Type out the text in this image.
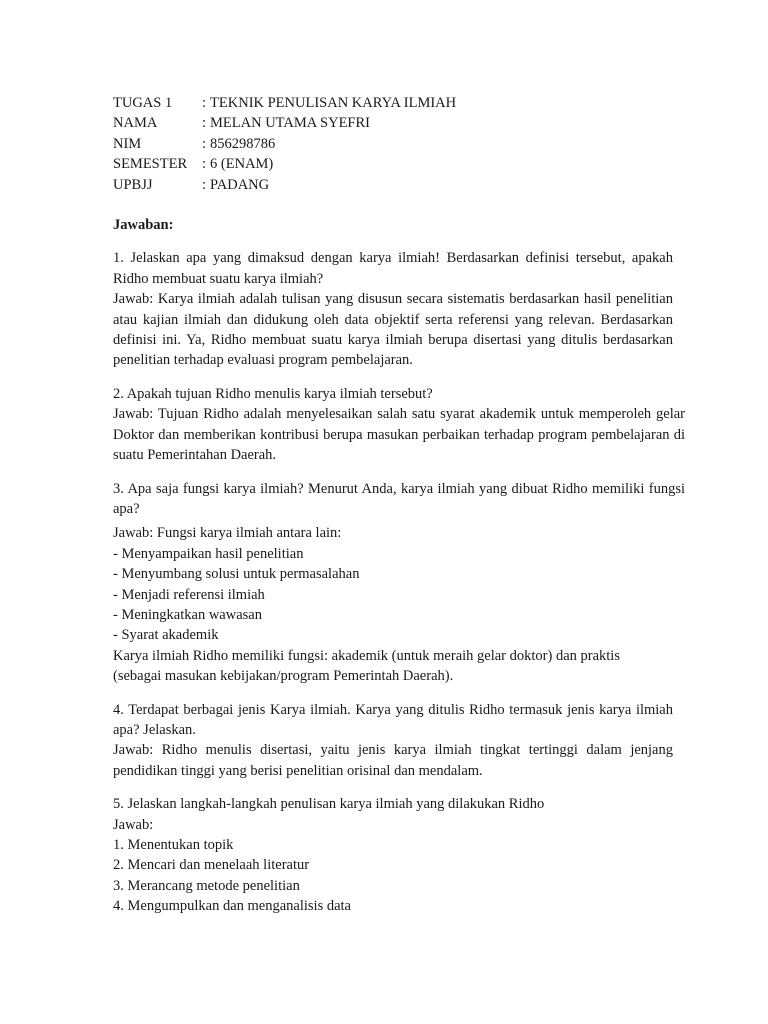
TUGAS 1	: TEKNIK PENULISAN KARYA ILMIAH
NAMA	: MELAN UTAMA SYEFRI
NIM	: 856298786
SEMESTER	: 6 (ENAM)
UPBJJ	: PADANG
Jawaban:
1. Jelaskan apa yang dimaksud dengan karya ilmiah! Berdasarkan definisi tersebut, apakah Ridho membuat suatu karya ilmiah?
Jawab: Karya ilmiah adalah tulisan yang disusun secara sistematis berdasarkan hasil penelitian atau kajian ilmiah dan didukung oleh data objektif serta referensi yang relevan. Berdasarkan definisi ini. Ya, Ridho membuat suatu karya ilmiah berupa disertasi yang ditulis berdasarkan penelitian terhadap evaluasi program pembelajaran.
2. Apakah tujuan Ridho menulis karya ilmiah tersebut?
Jawab: Tujuan Ridho adalah menyelesaikan salah satu syarat akademik untuk memperoleh gelar Doktor dan memberikan kontribusi berupa masukan perbaikan terhadap program pembelajaran di suatu Pemerintahan Daerah.
3. Apa saja fungsi karya ilmiah? Menurut Anda, karya ilmiah yang dibuat Ridho memiliki fungsi apa?
Jawab: Fungsi karya ilmiah antara lain:
- Menyampaikan hasil penelitian
- Menyumbang solusi untuk permasalahan
- Menjadi referensi ilmiah
- Meningkatkan wawasan
- Syarat akademik
Karya ilmiah Ridho memiliki fungsi: akademik (untuk meraih gelar doktor) dan praktis
(sebagai masukan kebijakan/program Pemerintah Daerah).
4. Terdapat berbagai jenis Karya ilmiah. Karya yang ditulis Ridho termasuk jenis karya ilmiah apa? Jelaskan.
Jawab: Ridho menulis disertasi, yaitu jenis karya ilmiah tingkat tertinggi dalam jenjang pendidikan tinggi yang berisi penelitian orisinal dan mendalam.
5. Jelaskan langkah-langkah penulisan karya ilmiah yang dilakukan Ridho
Jawab:
1. Menentukan topik
2. Mencari dan menelaah literatur
3. Merancang metode penelitian
4. Mengumpulkan dan menganalisis data
